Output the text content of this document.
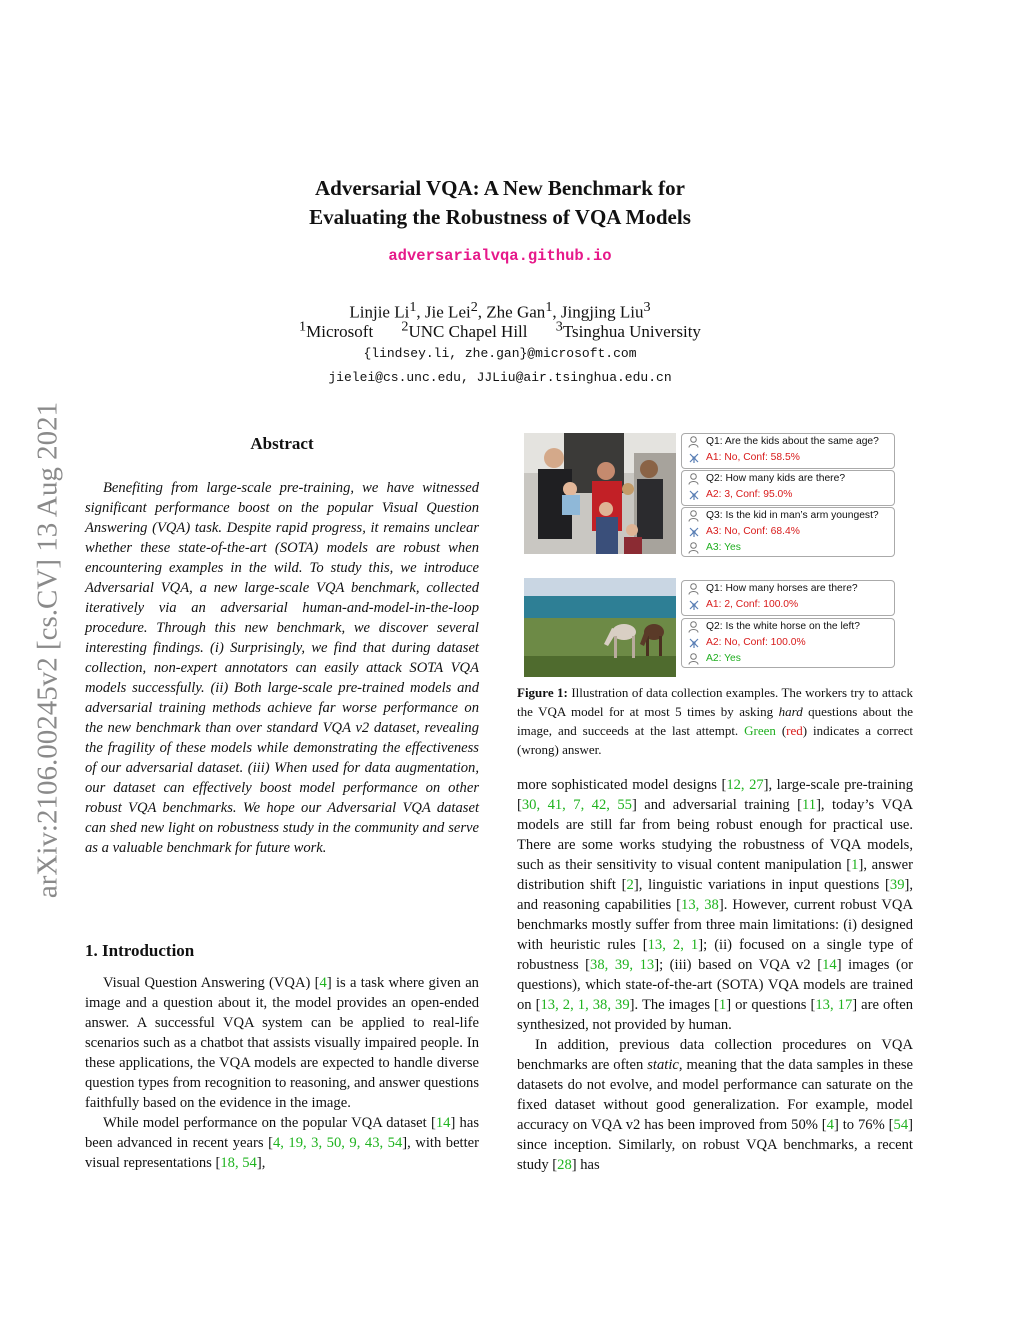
arXiv:2106.00245v2 [cs.CV] 13 Aug 2021
Adversarial VQA: A New Benchmark for
Evaluating the Robustness of VQA Models
adversarialvqa.github.io
Linjie Li$^1$, Jie Lei$^2$, Zhe Gan$^1$, Jingjing Liu$^3$
$^1$Microsoft $^2$UNC Chapel Hill $^3$Tsinghua University
{lindsey.li, zhe.gan}@microsoft.com
jielei@cs.unc.edu, JJLiu@air.tsinghua.edu.cn
Abstract
Benefiting from large-scale pre-training, we have witnessed significant performance boost on the popular Visual Question Answering (VQA) task. Despite rapid progress, it remains unclear whether these state-of-the-art (SOTA) models are robust when encountering examples in the wild. To study this, we introduce Adversarial VQA, a new large-scale VQA benchmark, collected iteratively via an adversarial human-and-model-in-the-loop procedure. Through this new benchmark, we discover several interesting findings. (i) Surprisingly, we find that during dataset collection, non-expert annotators can easily attack SOTA VQA models successfully. (ii) Both large-scale pre-trained models and adversarial training methods achieve far worse performance on the new benchmark than over standard VQA v2 dataset, revealing the fragility of these models while demonstrating the effectiveness of our adversarial dataset. (iii) When used for data augmentation, our dataset can effectively boost model performance on other robust VQA benchmarks. We hope our Adversarial VQA dataset can shed new light on robustness study in the community and serve as a valuable benchmark for future work.
1. Introduction

Visual Question Answering (VQA) [4] is a task where given an image and a question about it, the model provides an open-ended answer. A successful VQA system can be applied to real-life scenarios such as a chatbot that assists visually impaired people. In these applications, the VQA models are expected to handle diverse question types from recognition to reasoning, and answer questions faithfully based on the evidence in the image.

While model performance on the popular VQA dataset [14] has been advanced in recent years [4, 19, 3, 50, 9, 43, 54], with better visual representations [18, 54],

Q1: Are the kids about the same age?
A1: No, Conf: 58.5%
Q2: How many kids are there?
A2: 3, Conf: 95.0%
Q3: Is the kid in man’s arm youngest?
A3: No, Conf: 68.4%
A3: Yes
Q1: How many horses are there?
A1: 2, Conf: 100.0%
Q2: Is the white horse on the left?
A2: No, Conf: 100.0%
A2: Yes
Figure 1: Illustration of data collection examples. The workers try to attack the VQA model for at most 5 times by asking hard questions about the image, and succeeds at the last attempt. Green (red) indicates a correct (wrong) answer.

more sophisticated model designs [12, 27], large-scale pre-training [30, 41, 7, 42, 55] and adversarial training [11], today’s VQA models are still far from being robust enough for practical use. There are some works studying the robustness of VQA models, such as their sensitivity to visual content manipulation [1], answer distribution shift [2], linguistic variations in input questions [39], and reasoning capabilities [13, 38]. However, current robust VQA benchmarks mostly suffer from three main limitations: (i) designed with heuristic rules [13, 2, 1]; (ii) focused on a single type of robustness [38, 39, 13]; (iii) based on VQA v2 [14] images (or questions), which state-of-the-art (SOTA) VQA models are trained on [13, 2, 1, 38, 39]. The images [1] or questions [13, 17] are often synthesized, not provided by human.

In addition, previous data collection procedures on VQA benchmarks are often static, meaning that the data samples in these datasets do not evolve, and model performance can saturate on the fixed dataset without good generalization. For example, model accuracy on VQA v2 has been improved from 50% [4] to 76% [54] since inception. Similarly, on robust VQA benchmarks, a recent study [28] has
